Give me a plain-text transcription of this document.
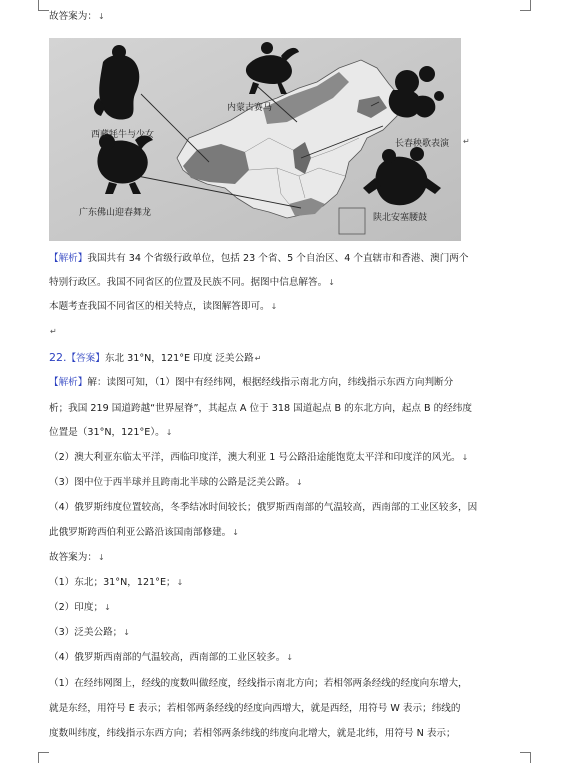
故答案为：↓
西藏牦牛与少女
内蒙古赛马
长春秧歌表演
广东佛山迎春舞龙	陕北安塞腰鼓
↵
【解析】我国共有 34 个省级行政单位，包括 23 个省、5 个自治区、4 个直辖市和香港、澳门两个
特别行政区。我国不同省区的位置及民族不同。据图中信息解答。↓
本题考查我国不同省区的相关特点，读图解答即可。↓
↵
22.【答案】东北 31°N，121°E 印度 泛美公路↵
【解析】解：读图可知，（1）图中有经纬网，根据经线指示南北方向，纬线指示东西方向判断分
析；我国 219 国道跨越“世界屋脊”，其起点 A 位于 318 国道起点 B 的东北方向，起点 B 的经纬度
位置是（31°N，121°E）。↓
（2）澳大利亚东临太平洋，西临印度洋，澳大利亚 1 号公路沿途能饱览太平洋和印度洋的风光。↓
（3）图中位于西半球并且跨南北半球的公路是泛美公路。↓
（4）俄罗斯纬度位置较高，冬季结冰时间较长；俄罗斯西南部的气温较高，西南部的工业区较多，因
此俄罗斯跨西伯利亚公路沿该国南部修建。↓
故答案为：↓
（1）东北；31°N，121°E；↓
（2）印度；↓
（3）泛美公路；↓
（4）俄罗斯西南部的气温较高，西南部的工业区较多。↓
（1）在经纬网图上，经线的度数叫做经度，经线指示南北方向；若相邻两条经线的经度向东增大，
就是东经，用符号 E 表示；若相邻两条经线的经度向西增大，就是西经，用符号 W 表示；纬线的
度数叫纬度，纬线指示东西方向；若相邻两条纬线的纬度向北增大，就是北纬，用符号 N 表示；
